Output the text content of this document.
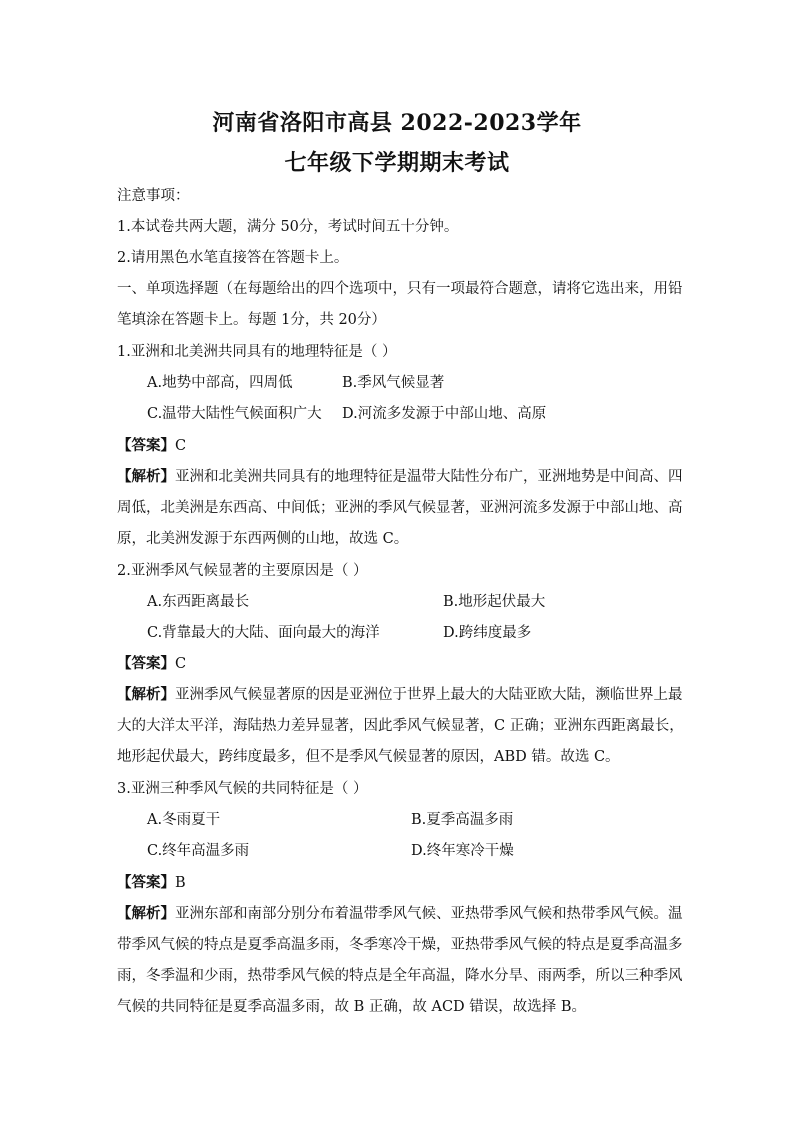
河南省洛阳市高县 2022-2023学年
七年级下学期期末考试
注意事项：
1.本试卷共两大题，满分 50分，考试时间五十分钟。
2.请用黑色水笔直接答在答题卡上。
一、单项选择题（在每题给出的四个选项中，只有一项最符合题意，请将它选出来，用铅
笔填涂在答题卡上。每题 1分，共 20分）
1.亚洲和北美洲共同具有的地理特征是（ ）
A.地势中部高，四周低	B.季风气候显著
C.温带大陆性气候面积广大 D.河流多发源于中部山地、高原
【答案】C
【解析】亚洲和北美洲共同具有的地理特征是温带大陆性分布广，亚洲地势是中间高、四
周低，北美洲是东西高、中间低；亚洲的季风气候显著，亚洲河流多发源于中部山地、高
原，北美洲发源于东西两侧的山地，故选 C。
2.亚洲季风气候显著的主要原因是（ ）
A.东西距离最长	B.地形起伏最大
C.背靠最大的大陆、面向最大的海洋	D.跨纬度最多
【答案】C
【解析】亚洲季风气候显著原的因是亚洲位于世界上最大的大陆亚欧大陆，濒临世界上最
大的大洋太平洋，海陆热力差异显著，因此季风气候显著，C 正确；亚洲东西距离最长，
地形起伏最大，跨纬度最多，但不是季风气候显著的原因，ABD 错。故选 C。
3.亚洲三种季风气候的共同特征是（ ）
A.冬雨夏干	B.夏季高温多雨
C.终年高温多雨	D.终年寒冷干燥
【答案】B
【解析】亚洲东部和南部分别分布着温带季风气候、亚热带季风气候和热带季风气候。温
带季风气候的特点是夏季高温多雨，冬季寒冷干燥，亚热带季风气候的特点是夏季高温多
雨，冬季温和少雨，热带季风气候的特点是全年高温，降水分旱、雨两季，所以三种季风
气候的共同特征是夏季高温多雨，故 B 正确，故 ACD 错误，故选择 B。
